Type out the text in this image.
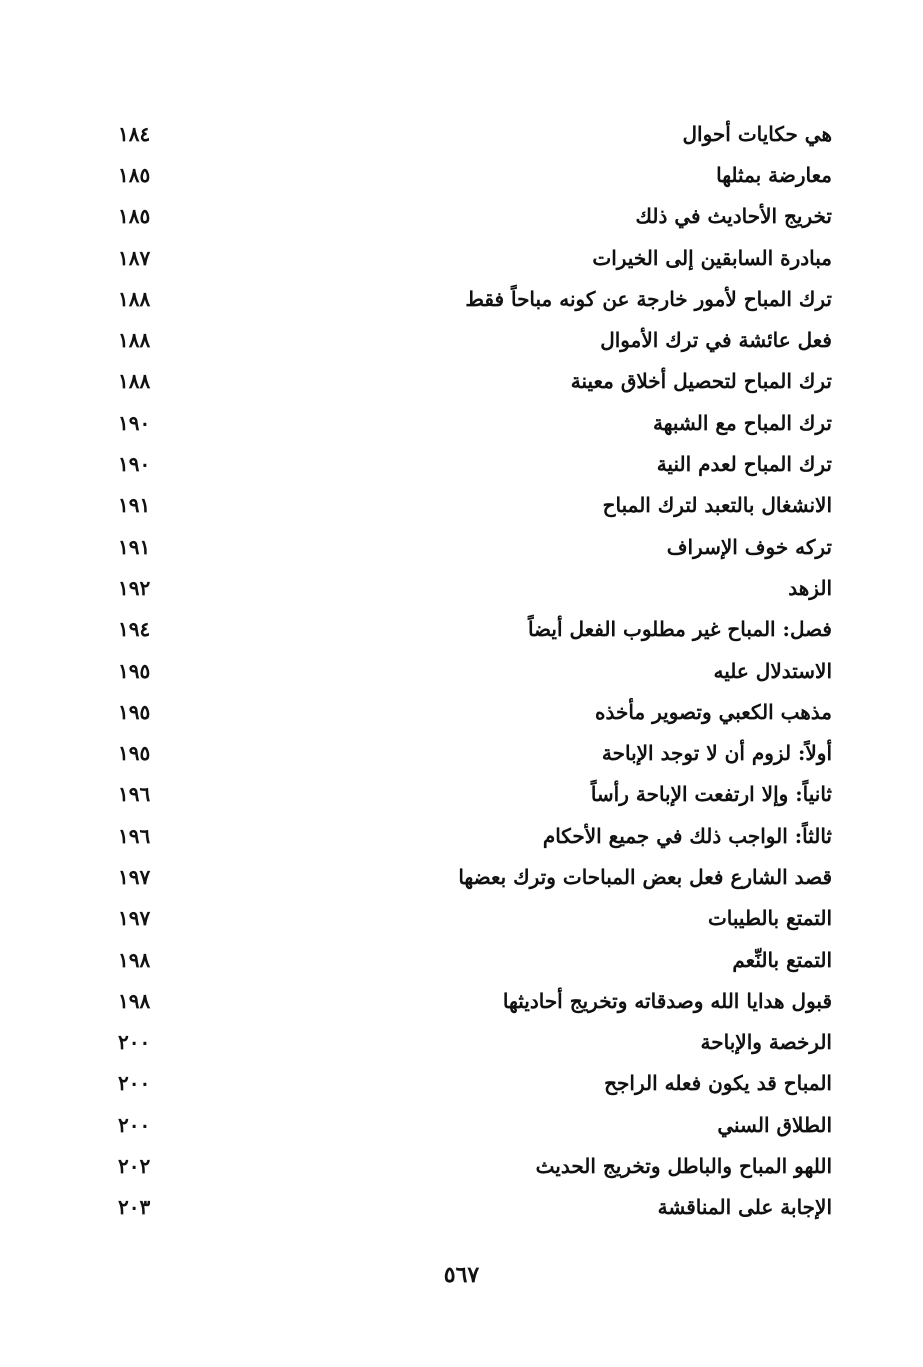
هي حكايات أحوال
١٨٤
معارضة بمثلها
١٨٥
تخريج الأحاديث في ذلك
١٨٥
مبادرة السابقين إلى الخيرات
١٨٧
ترك المباح لأمور خارجة عن كونه مباحاً فقط
١٨٨
فعل عائشة في ترك الأموال
١٨٨
ترك المباح لتحصيل أخلاق معينة
١٨٨
ترك المباح مع الشبهة
١٩٠
ترك المباح لعدم النية
١٩٠
الانشغال بالتعبد لترك المباح
١٩١
تركه خوف الإسراف
١٩١
الزهد
١٩٢
فصل: المباح غير مطلوب الفعل أيضاً
١٩٤
الاستدلال عليه
١٩٥
مذهب الكعبي وتصوير مأخذه
١٩٥
أولاً: لزوم أن لا توجد الإباحة
١٩٥
ثانياً: وإلا ارتفعت الإباحة رأساً
١٩٦
ثالثاً: الواجب ذلك في جميع الأحكام
١٩٦
قصد الشارع فعل بعض المباحات وترك بعضها
١٩٧
التمتع بالطيبات
١٩٧
التمتع بالنِّعم
١٩٨
قبول هدايا الله وصدقاته وتخريج أحاديثها
١٩٨
الرخصة والإباحة
٢٠٠
المباح قد يكون فعله الراجح
٢٠٠
الطلاق السني
٢٠٠
اللهو المباح والباطل وتخريج الحديث
٢٠٢
الإجابة على المناقشة
٢٠٣
٥٦٧
